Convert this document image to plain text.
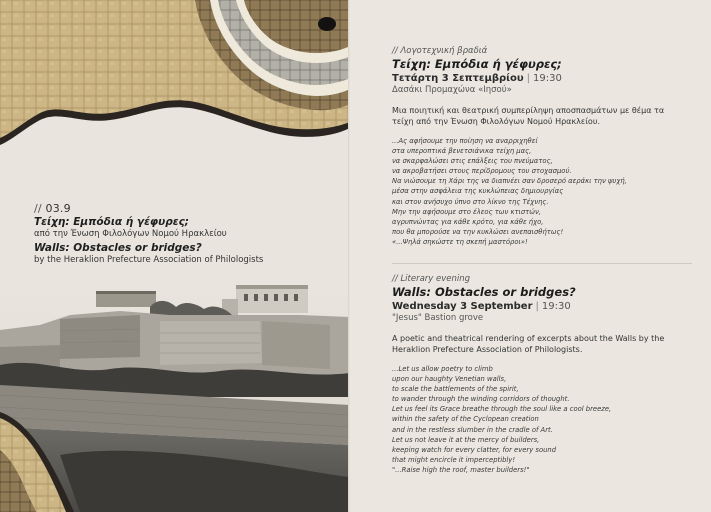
// 03.9
Τείχη: Εμπόδια ή γέφυρες;
από την Ένωση Φιλολόγων Νομού Ηρακλείου
Walls: Obstacles or bridges?
by the Heraklion Prefecture Association of Philologists
// Λογοτεχνική βραδιά
Τείχη: Εμπόδια ή γέφυρες;
Τετάρτη 3 Σεπτεμβρίου | 19:30
Δασάκι Προμαχώνα «Ιησού»
Μια ποιητική και θεατρική συμπερίληψη αποσπασμάτων με θέμα τα τείχη από την Ένωση Φιλολόγων Νομού Ηρακλείου.
...Ας αφήσουμε την ποίηση να αναρριχηθεί
στα υπεροπτικά βενετσιάνικα τείχη μας,
να σκαρφαλώσει στις επάλξεις του πνεύματος,
να ακροβατήσει στους περίδρομους του στοχασμού.
Να νιώσουμε τη Χάρι της να διαπνέει σαν δροσερό αεράκι την ψυχή,
μέσα στην ασφάλεια της κυκλώπειας δημιουργίας
και στον ανήσυχο ύπνο στο λίκνο της Τέχνης.
Μην την αφήσουμε στο έλεος των κτιστών,
αγρυπνώντας για κάθε κρότο, για κάθε ήχο,
που θα μπορούσε να την κυκλώσει ανεπαισθήτως!
«...Ψηλά σηκώστε τη σκεπή μαστόροι»!
// Literary evening
Walls: Obstacles or bridges?
Wednesday 3 September | 19:30
"Jesus" Bastion grove
A poetic and theatrical rendering of excerpts about the Walls by the Heraklion Prefecture Association of Philologists.
...Let us allow poetry to climb
upon our haughty Venetian walls,
to scale the battlements of the spirit,
to wander through the winding corridors of thought.
Let us feel its Grace breathe through the soul like a cool breeze,
within the safety of the Cyclopean creation
and in the restless slumber in the cradle of Art.
Let us not leave it at the mercy of builders,
keeping watch for every clatter, for every sound
that might encircle it imperceptibly!
"...Raise high the roof, master builders!"
